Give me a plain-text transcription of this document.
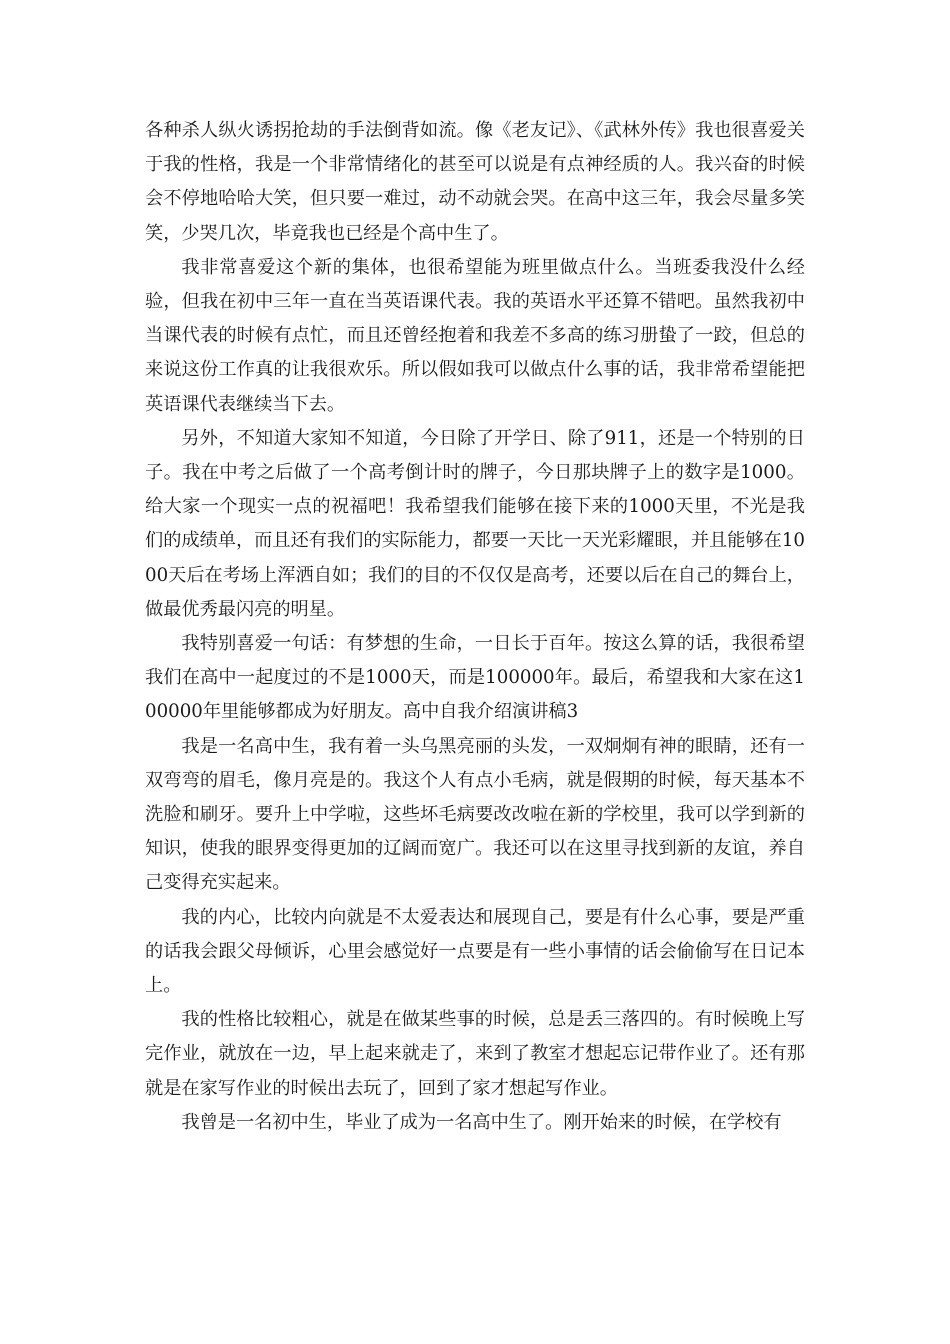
各种杀人纵火诱拐抢劫的手法倒背如流。像《老友记》、《武林外传》我也很喜爱关于我的性格，我是一个非常情绪化的甚至可以说是有点神经质的人。我兴奋的时候会不停地哈哈大笑，但只要一难过，动不动就会哭。在高中这三年，我会尽量多笑笑，少哭几次，毕竟我也已经是个高中生了。

我非常喜爱这个新的集体，也很希望能为班里做点什么。当班委我没什么经验，但我在初中三年一直在当英语课代表。我的英语水平还算不错吧。虽然我初中当课代表的时候有点忙，而且还曾经抱着和我差不多高的练习册蛰了一跤，但总的来说这份工作真的让我很欢乐。所以假如我可以做点什么事的话，我非常希望能把英语课代表继续当下去。

另外，不知道大家知不知道，今日除了开学日、除了911，还是一个特别的日子。我在中考之后做了一个高考倒计时的牌子，今日那块牌子上的数字是1000。给大家一个现实一点的祝福吧！我希望我们能够在接下来的1000天里，不光是我们的成绩单，而且还有我们的实际能力，都要一天比一天光彩耀眼，并且能够在1000天后在考场上浑洒自如；我们的目的不仅仅是高考，还要以后在自己的舞台上，做最优秀最闪亮的明星。

我特别喜爱一句话：有梦想的生命，一日长于百年。按这么算的话，我很希望我们在高中一起度过的不是1000天，而是100000年。最后，希望我和大家在这100000年里能够都成为好朋友。高中自我介绍演讲稿3

我是一名高中生，我有着一头乌黑亮丽的头发，一双炯炯有神的眼睛，还有一双弯弯的眉毛，像月亮是的。我这个人有点小毛病，就是假期的时候，每天基本不洗脸和刷牙。要升上中学啦，这些坏毛病要改改啦在新的学校里，我可以学到新的知识，使我的眼界变得更加的辽阔而宽广。我还可以在这里寻找到新的友谊，养自己变得充实起来。

我的内心，比较内向就是不太爱表达和展现自己，要是有什么心事，要是严重的话我会跟父母倾诉，心里会感觉好一点要是有一些小事情的话会偷偷写在日记本上。

我的性格比较粗心，就是在做某些事的时候，总是丢三落四的。有时候晚上写完作业，就放在一边，早上起来就走了，来到了教室才想起忘记带作业了。还有那就是在家写作业的时候出去玩了，回到了家才想起写作业。

我曾是一名初中生，毕业了成为一名高中生了。刚开始来的时候，在学校有
